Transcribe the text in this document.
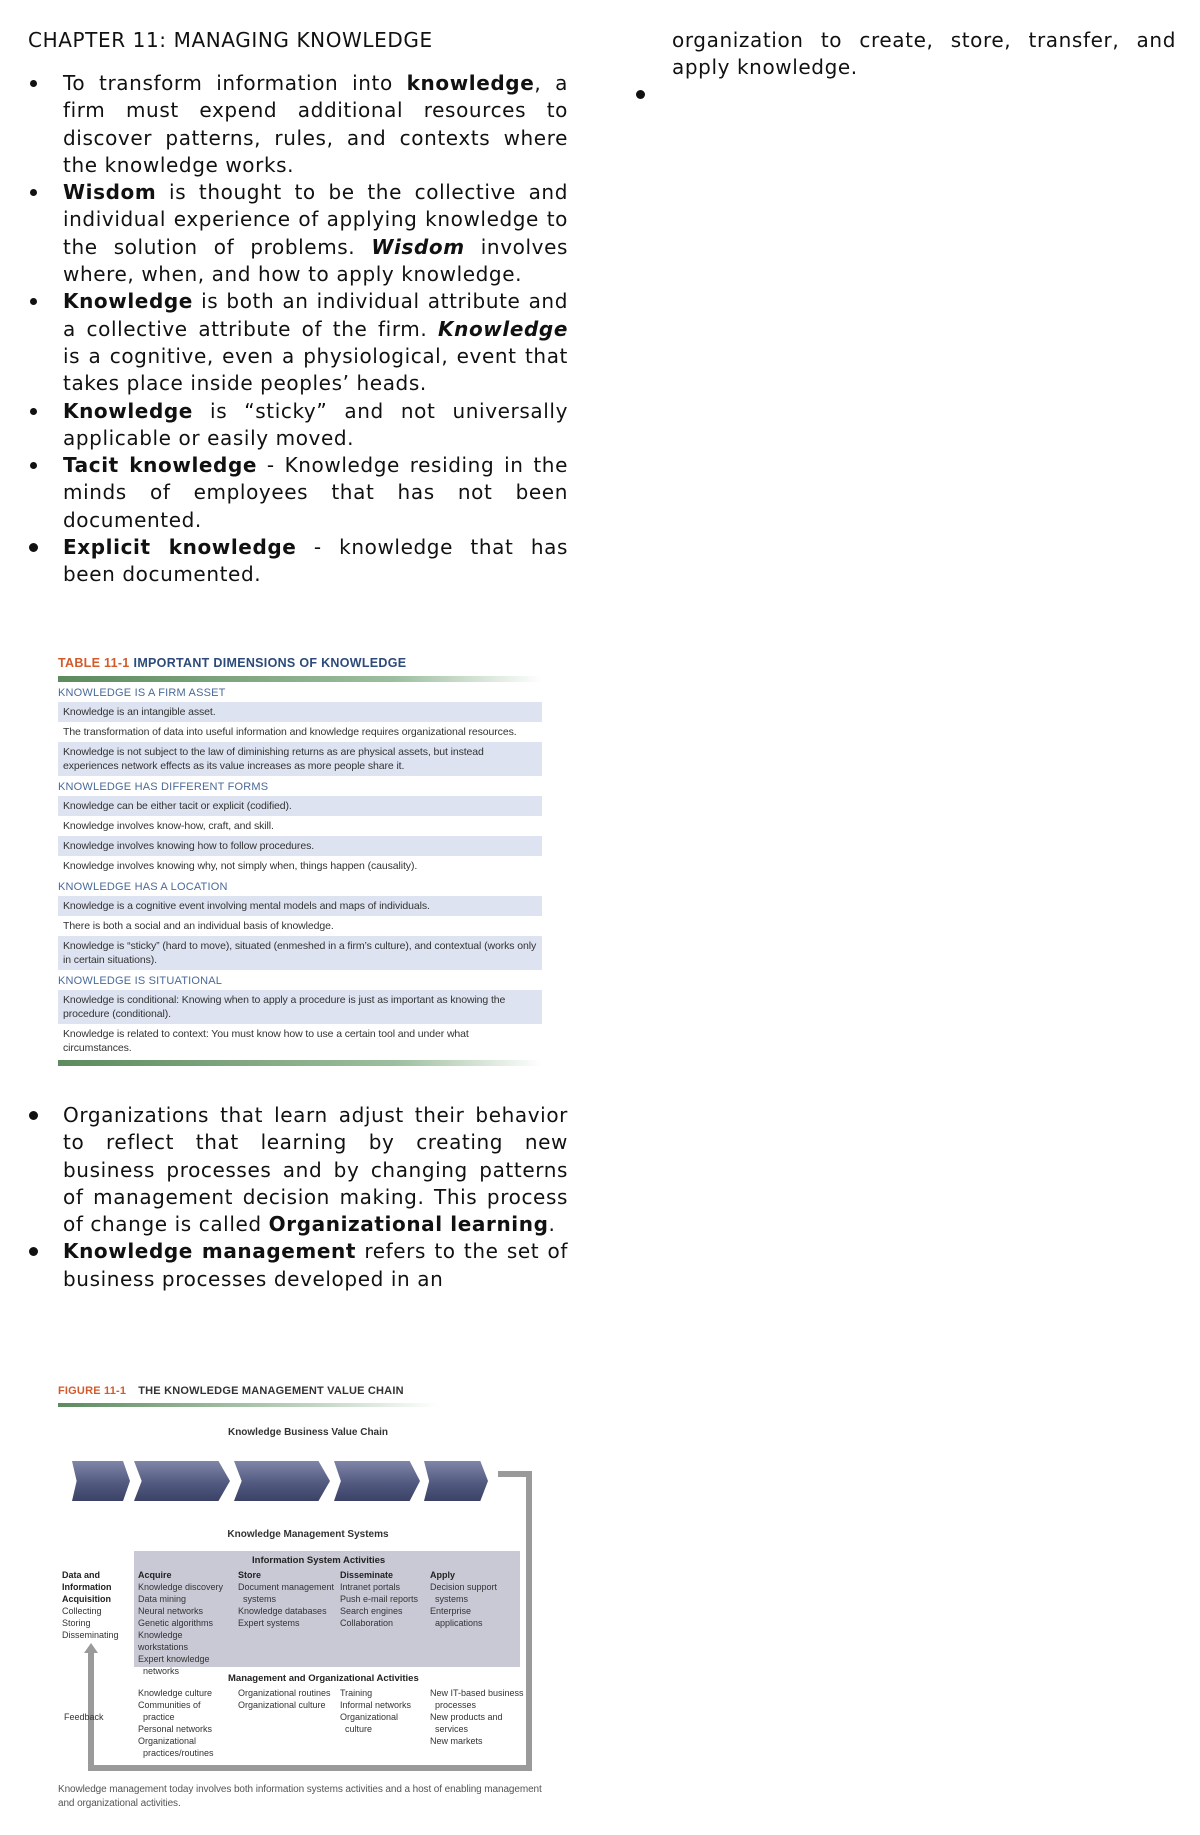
CHAPTER 11: MANAGING KNOWLEDGE
To transform information into knowledge, a firm must expend additional resources to discover patterns, rules, and contexts where the knowledge works.
Wisdom is thought to be the collective and individual experience of applying knowledge to the solution of problems. Wisdom involves where, when, and how to apply knowledge.
Knowledge is both an individual attribute and a collective attribute of the firm. Knowledge is a cognitive, even a physiological, event that takes place inside peoples’ heads.
Knowledge is “sticky” and not universally applicable or easily moved.
Tacit knowledge - Knowledge residing in the minds of employees that has not been documented.
Explicit knowledge - knowledge that has been documented.
TABLE 11-1 IMPORTANT DIMENSIONS OF KNOWLEDGE
KNOWLEDGE IS A FIRM ASSET
Knowledge is an intangible asset.
The transformation of data into useful information and knowledge requires organizational resources.
Knowledge is not subject to the law of diminishing returns as are physical assets, but instead experiences network effects as its value increases as more people share it.
KNOWLEDGE HAS DIFFERENT FORMS
Knowledge can be either tacit or explicit (codified).
Knowledge involves know-how, craft, and skill.
Knowledge involves knowing how to follow procedures.
Knowledge involves knowing why, not simply when, things happen (causality).
KNOWLEDGE HAS A LOCATION
Knowledge is a cognitive event involving mental models and maps of individuals.
There is both a social and an individual basis of knowledge.
Knowledge is “sticky” (hard to move), situated (enmeshed in a firm’s culture), and contextual (works only in certain situations).
KNOWLEDGE IS SITUATIONAL
Knowledge is conditional: Knowing when to apply a procedure is just as important as knowing the procedure (conditional).
Knowledge is related to context: You must know how to use a certain tool and under what circumstances.
Organizations that learn adjust their behavior to reflect that learning by creating new business processes and by changing patterns of management decision making. This process of change is called Organizational learning.
Knowledge management refers to the set of business processes developed in an
organization to create, store, transfer, and apply knowledge.
FIGURE 11-1 THE KNOWLEDGE MANAGEMENT VALUE CHAIN
Knowledge Business Value Chain
Knowledge Management Systems
Information System Activities
Data and
Information
Acquisition
Collecting
Storing
Disseminating
Acquire
Knowledge discovery
Data mining
Neural networks
Genetic algorithms
Knowledge workstations
Expert knowledge
networks
Store
Document management
systems
Knowledge databases
Expert systems
Disseminate
Intranet portals
Push e-mail reports
Search engines
Collaboration
Apply
Decision support
systems
Enterprise
applications
Management and Organizational Activities
Feedback
Knowledge culture
Communities of
practice
Personal networks
Organizational
practices/routines
Organizational routines
Organizational culture
Training
Informal networks
Organizational
culture
New IT-based business
processes
New products and
services
New markets
Knowledge management today involves both information systems activities and a host of enabling management and organizational activities.
